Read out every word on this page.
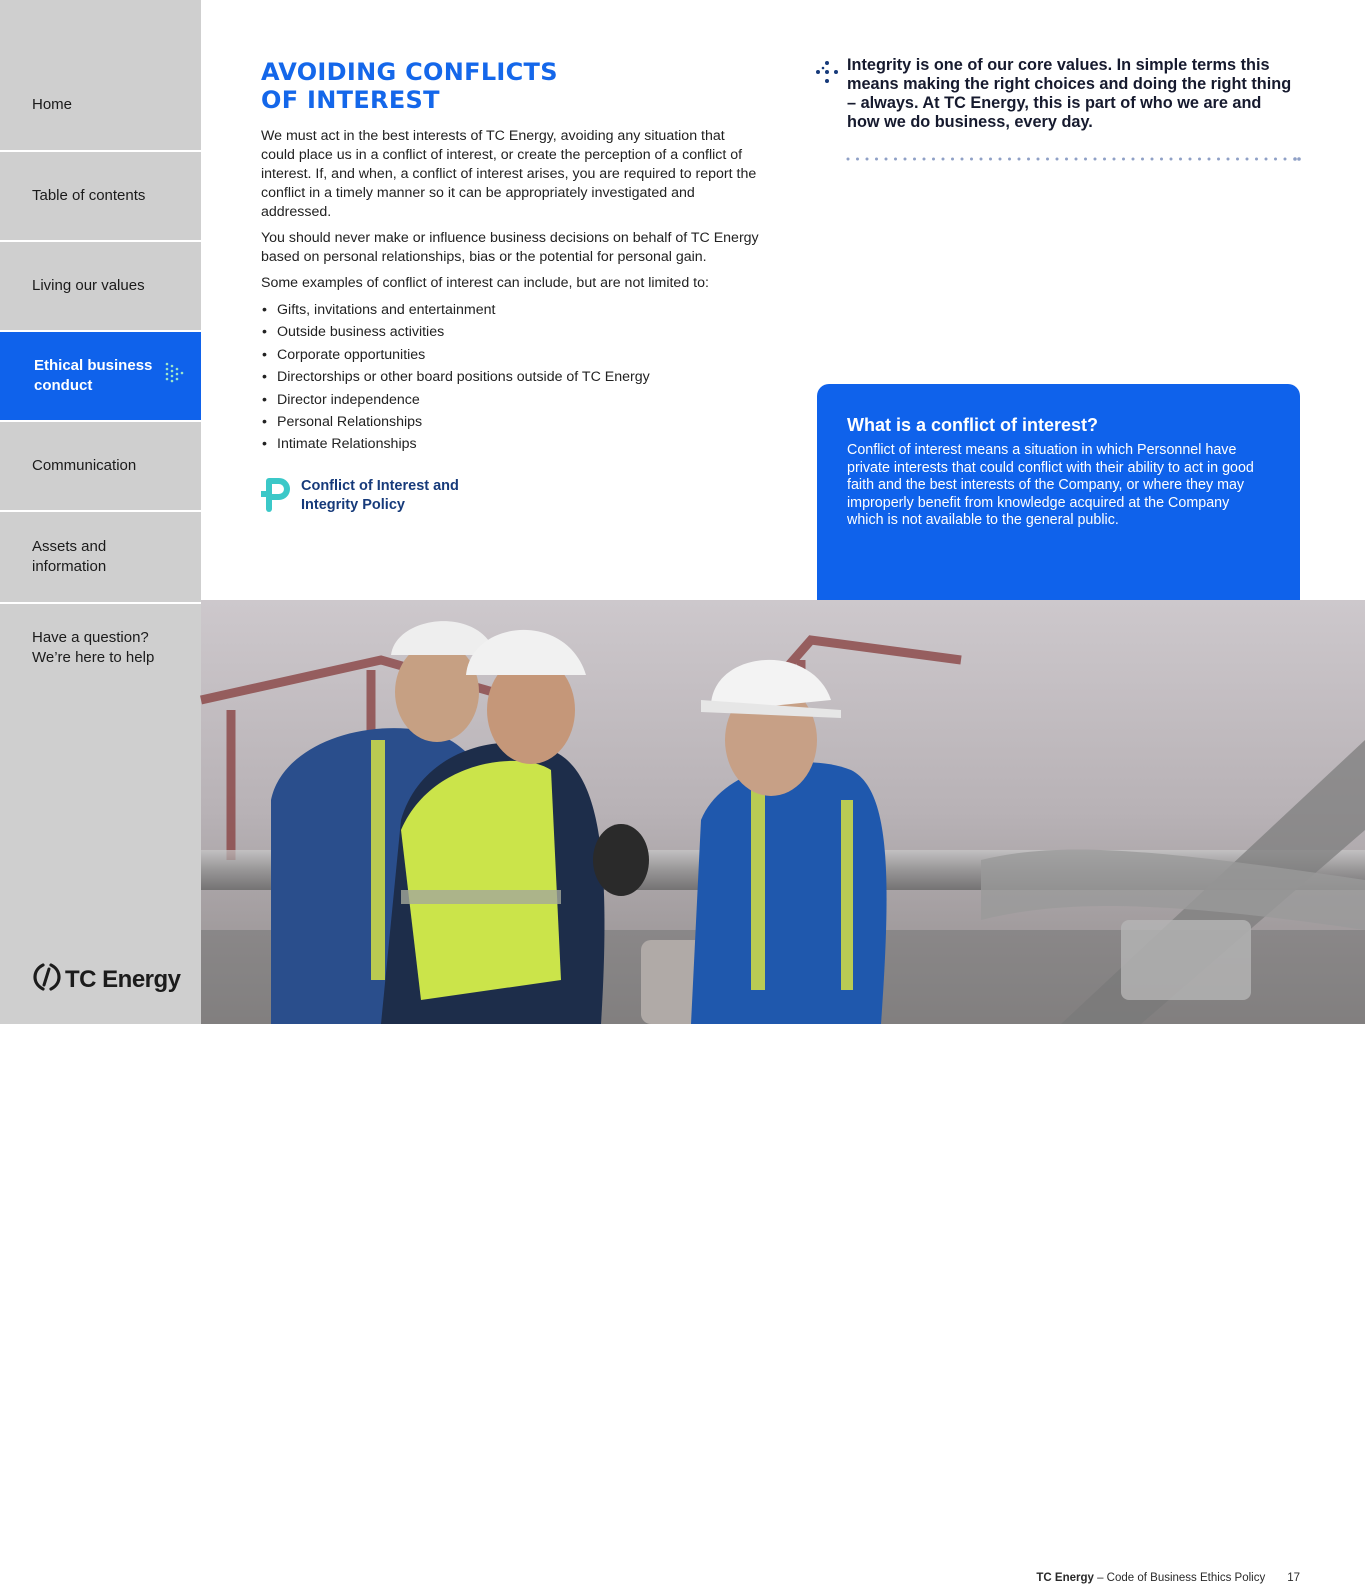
Home
Table of contents
Living our values
Ethical business
conduct
Communication
Assets and
information
Have a question?
We’re here to help
TC Energy
AVOIDING CONFLICTS
OF INTEREST

We must act in the best interests of TC Energy, avoiding any situation that could place us in a conflict of interest, or create the perception of a conflict of interest. If, and when, a conflict of interest arises, you are required to report the conflict in a timely manner so it can be appropriately investigated and addressed.

You should never make or influence business decisions on behalf of TC Energy based on personal relationships, bias or the potential for personal gain.

Some examples of conflict of interest can include, but are not limited to:

• Gifts, invitations and entertainment
• Outside business activities
• Corporate opportunities
• Directorships or other board positions outside of TC Energy
• Director independence
• Personal Relationships
• Intimate Relationships
Conflict of Interest and
Integrity Policy

Integrity is one of our core values. In simple terms this means making the right choices and doing the right thing – always. At TC Energy, this is part of who we are and how we do business, every day.

What is a conflict of interest?

Conflict of interest means a situation in which Personnel have private interests that could conflict with their ability to act in good faith and the best interests of the Company, or where they may improperly benefit from knowledge acquired at the Company which is not available to the general public.

TC Energy – Code of Business Ethics Policy 17
